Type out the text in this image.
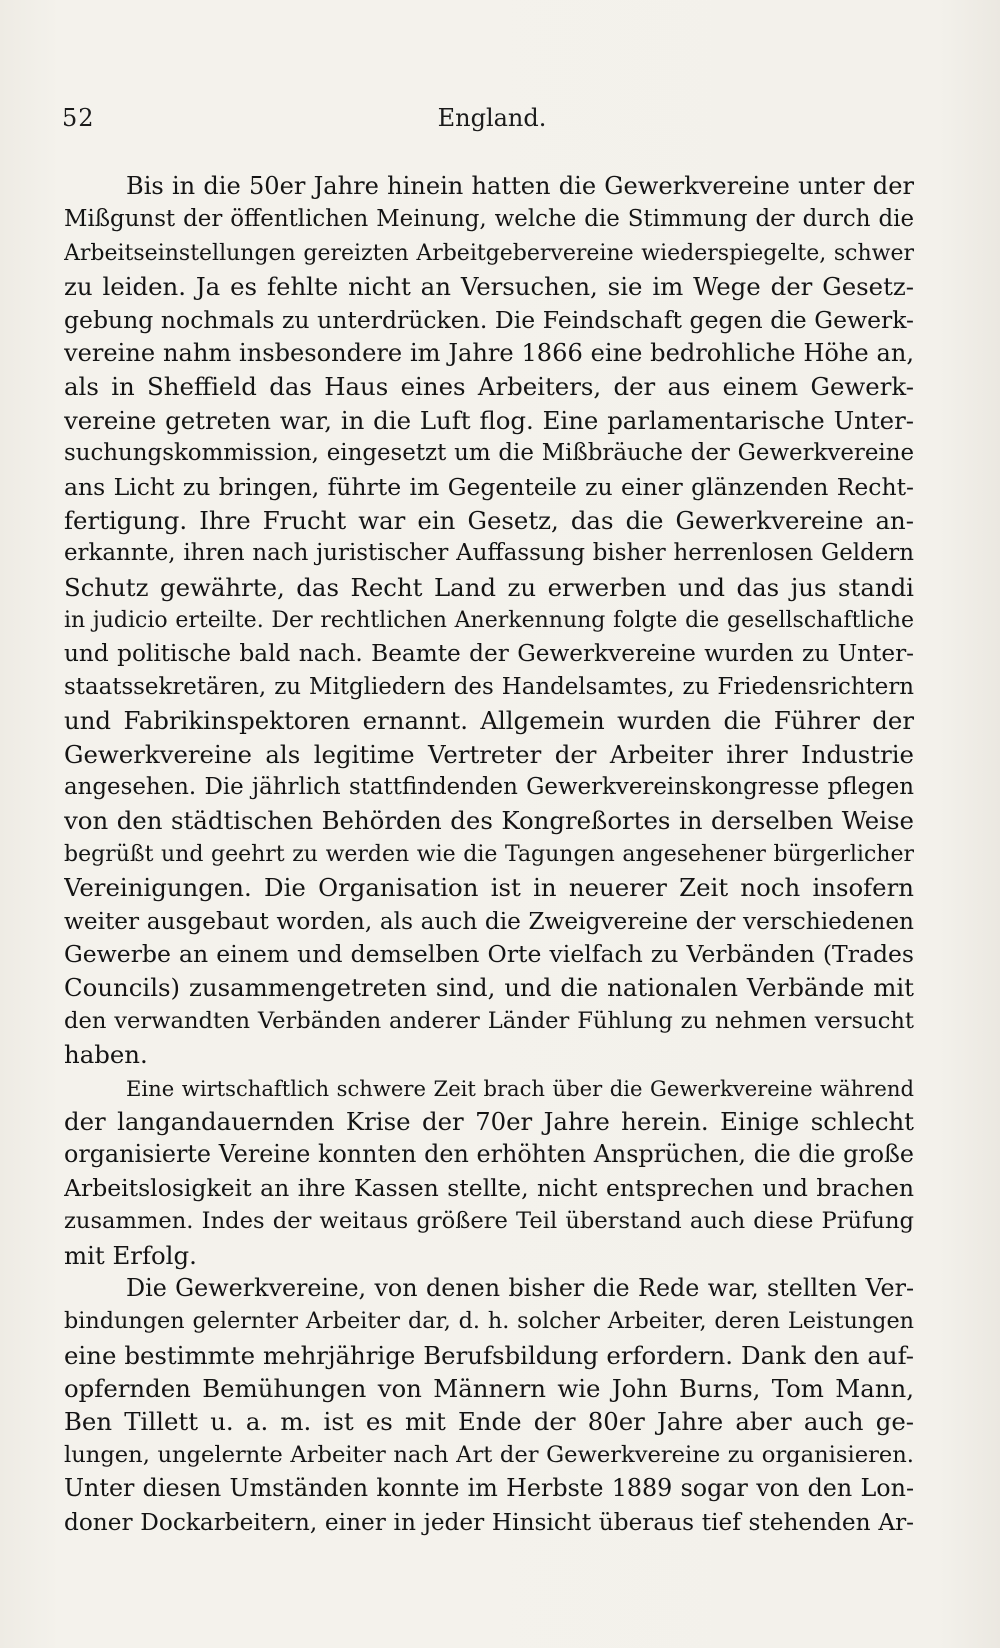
52	England.
Bis in die 50er Jahre hinein hatten die Gewerkvereine unter der
Mißgunst der öffentlichen Meinung, welche die Stimmung der durch die
Arbeitseinstellungen gereizten Arbeitgebervereine wiederspiegelte, schwer
zu leiden. Ja es fehlte nicht an Versuchen, sie im Wege der Gesetz-
gebung nochmals zu unterdrücken. Die Feindschaft gegen die Gewerk-
vereine nahm insbesondere im Jahre 1866 eine bedrohliche Höhe an,
als in Sheffield das Haus eines Arbeiters, der aus einem Gewerk-
vereine getreten war, in die Luft flog. Eine parlamentarische Unter-
suchungskommission, eingesetzt um die Mißbräuche der Gewerkvereine
ans Licht zu bringen, führte im Gegenteile zu einer glänzenden Recht-
fertigung. Ihre Frucht war ein Gesetz, das die Gewerkvereine an-
erkannte, ihren nach juristischer Auffassung bisher herrenlosen Geldern
Schutz gewährte, das Recht Land zu erwerben und das jus standi
in judicio erteilte. Der rechtlichen Anerkennung folgte die gesellschaftliche
und politische bald nach. Beamte der Gewerkvereine wurden zu Unter-
staatssekretären, zu Mitgliedern des Handelsamtes, zu Friedensrichtern
und Fabrikinspektoren ernannt. Allgemein wurden die Führer der
Gewerkvereine als legitime Vertreter der Arbeiter ihrer Industrie
angesehen. Die jährlich stattfindenden Gewerkvereinskongresse pflegen
von den städtischen Behörden des Kongreßortes in derselben Weise
begrüßt und geehrt zu werden wie die Tagungen angesehener bürgerlicher
Vereinigungen. Die Organisation ist in neuerer Zeit noch insofern
weiter ausgebaut worden, als auch die Zweigvereine der verschiedenen
Gewerbe an einem und demselben Orte vielfach zu Verbänden (Trades
Councils) zusammengetreten sind, und die nationalen Verbände mit
den verwandten Verbänden anderer Länder Fühlung zu nehmen versucht
haben.
Eine wirtschaftlich schwere Zeit brach über die Gewerkvereine während
der langandauernden Krise der 70er Jahre herein. Einige schlecht
organisierte Vereine konnten den erhöhten Ansprüchen, die die große
Arbeitslosigkeit an ihre Kassen stellte, nicht entsprechen und brachen
zusammen. Indes der weitaus größere Teil überstand auch diese Prüfung
mit Erfolg.
Die Gewerkvereine, von denen bisher die Rede war, stellten Ver-
bindungen gelernter Arbeiter dar, d. h. solcher Arbeiter, deren Leistungen
eine bestimmte mehrjährige Berufsbildung erfordern. Dank den auf-
opfernden Bemühungen von Männern wie John Burns, Tom Mann,
Ben Tillett u. a. m. ist es mit Ende der 80er Jahre aber auch ge-
lungen, ungelernte Arbeiter nach Art der Gewerkvereine zu organisieren.
Unter diesen Umständen konnte im Herbste 1889 sogar von den Lon-
doner Dockarbeitern, einer in jeder Hinsicht überaus tief stehenden Ar-
